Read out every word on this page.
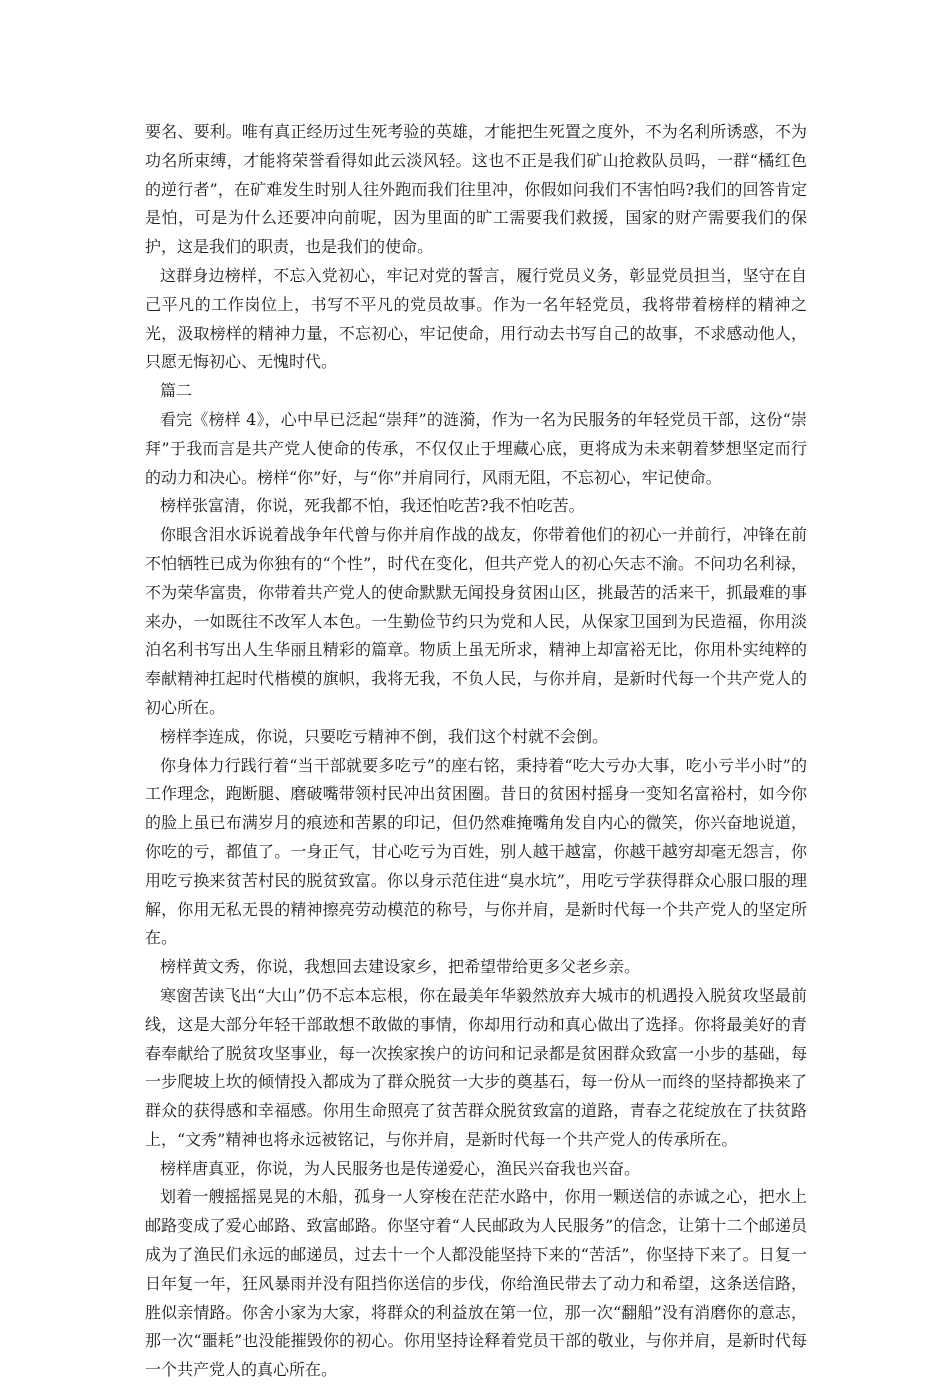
要名、要利。唯有真正经历过生死考验的英雄，才能把生死置之度外，不为名利所诱惑，不为功名所束缚，才能将荣誉看得如此云淡风轻。这也不正是我们矿山抢救队员吗，一群“橘红色的逆行者”，在矿难发生时别人往外跑而我们往里冲，你假如问我们不害怕吗?我们的回答肯定是怕，可是为什么还要冲向前呢，因为里面的旷工需要我们救援，国家的财产需要我们的保护，这是我们的职责，也是我们的使命。

这群身边榜样，不忘入党初心，牢记对党的誓言，履行党员义务，彰显党员担当，坚守在自己平凡的工作岗位上，书写不平凡的党员故事。作为一名年轻党员，我将带着榜样的精神之光，汲取榜样的精神力量，不忘初心，牢记使命，用行动去书写自己的故事，不求感动他人，只愿无悔初心、无愧时代。

篇二

看完《榜样 4》，心中早已泛起“崇拜”的涟漪，作为一名为民服务的年轻党员干部，这份“崇拜”于我而言是共产党人使命的传承，不仅仅止于埋藏心底，更将成为未来朝着梦想坚定而行的动力和决心。榜样“你”好，与“你”并肩同行，风雨无阻，不忘初心，牢记使命。

榜样张富清，你说，死我都不怕，我还怕吃苦?我不怕吃苦。

你眼含泪水诉说着战争年代曾与你并肩作战的战友，你带着他们的初心一并前行，冲锋在前不怕牺牲已成为你独有的“个性”，时代在变化，但共产党人的初心矢志不渝。不问功名利禄，不为荣华富贵，你带着共产党人的使命默默无闻投身贫困山区，挑最苦的活来干，抓最难的事来办，一如既往不改军人本色。一生勤俭节约只为党和人民，从保家卫国到为民造福，你用淡泊名利书写出人生华丽且精彩的篇章。物质上虽无所求，精神上却富裕无比，你用朴实纯粹的奉献精神扛起时代楷模的旗帜，我将无我，不负人民，与你并肩，是新时代每一个共产党人的初心所在。

榜样李连成，你说，只要吃亏精神不倒，我们这个村就不会倒。

你身体力行践行着“当干部就要多吃亏”的座右铭，秉持着“吃大亏办大事，吃小亏半小时”的工作理念，跑断腿、磨破嘴带领村民冲出贫困圈。昔日的贫困村摇身一变知名富裕村，如今你的脸上虽已布满岁月的痕迹和苦累的印记，但仍然难掩嘴角发自内心的微笑，你兴奋地说道，你吃的亏，都值了。一身正气，甘心吃亏为百姓，别人越干越富，你越干越穷却毫无怨言，你用吃亏换来贫苦村民的脱贫致富。你以身示范住进“臭水坑”，用吃亏学获得群众心服口服的理解，你用无私无畏的精神擦亮劳动模范的称号，与你并肩，是新时代每一个共产党人的坚定所在。

榜样黄文秀，你说，我想回去建设家乡，把希望带给更多父老乡亲。

寒窗苦读飞出“大山”仍不忘本忘根，你在最美年华毅然放弃大城市的机遇投入脱贫攻坚最前线，这是大部分年轻干部敢想不敢做的事情，你却用行动和真心做出了选择。你将最美好的青春奉献给了脱贫攻坚事业，每一次挨家挨户的访问和记录都是贫困群众致富一小步的基础，每一步爬坡上坎的倾情投入都成为了群众脱贫一大步的奠基石，每一份从一而终的坚持都换来了群众的获得感和幸福感。你用生命照亮了贫苦群众脱贫致富的道路，青春之花绽放在了扶贫路上，“文秀”精神也将永远被铭记，与你并肩，是新时代每一个共产党人的传承所在。

榜样唐真亚，你说，为人民服务也是传递爱心，渔民兴奋我也兴奋。

划着一艘摇摇晃晃的木船，孤身一人穿梭在茫茫水路中，你用一颗送信的赤诚之心，把水上邮路变成了爱心邮路、致富邮路。你坚守着“人民邮政为人民服务”的信念，让第十二个邮递员成为了渔民们永远的邮递员，过去十一个人都没能坚持下来的“苦活”，你坚持下来了。日复一日年复一年，狂风暴雨并没有阻挡你送信的步伐，你给渔民带去了动力和希望，这条送信路，胜似亲情路。你舍小家为大家，将群众的利益放在第一位，那一次“翻船”没有消磨你的意志，那一次“噩耗”也没能摧毁你的初心。你用坚持诠释着党员干部的敬业，与你并肩，是新时代每一个共产党人的真心所在。
